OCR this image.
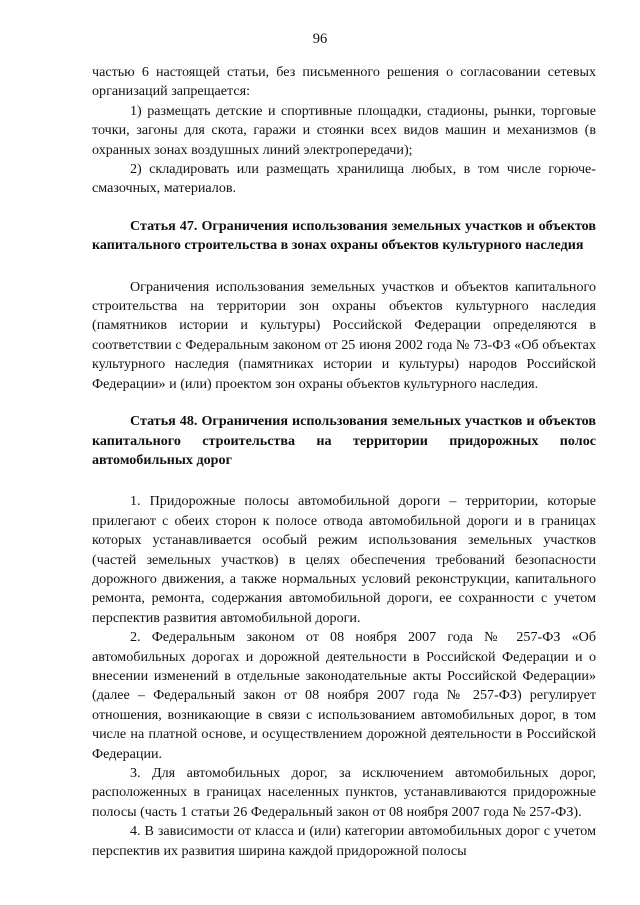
96

частью 6 настоящей статьи, без письменного решения о согласовании сетевых организаций запрещается:

1) размещать детские и спортивные площадки, стадионы, рынки, торговые точки, загоны для скота, гаражи и стоянки всех видов машин и механизмов (в охранных зонах воздушных линий электропередачи);

2) складировать или размещать хранилища любых, в том числе горюче-смазочных, материалов.

Статья 47. Ограничения использования земельных участков и объектов капитального строительства в зонах охраны объектов культурного наследия

Ограничения использования земельных участков и объектов капитального строительства на территории зон охраны объектов культурного наследия (памятников истории и культуры) Российской Федерации определяются в соответствии с Федеральным законом от 25 июня 2002 года № 73-ФЗ «Об объектах культурного наследия (памятниках истории и культуры) народов Российской Федерации» и (или) проектом зон охраны объектов культурного наследия.

Статья 48. Ограничения использования земельных участков и объектов капитального строительства на территории придорожных полос автомобильных дорог

1. Придорожные полосы автомобильной дороги – территории, которые прилегают с обеих сторон к полосе отвода автомобильной дороги и в границах которых устанавливается особый режим использования земельных участков (частей земельных участков) в целях обеспечения требований безопасности дорожного движения, а также нормальных условий реконструкции, капитального ремонта, ремонта, содержания автомобильной дороги, ее сохранности с учетом перспектив развития автомобильной дороги.

2. Федеральным законом от 08 ноября 2007 года № 257-ФЗ «Об автомобильных дорогах и дорожной деятельности в Российской Федерации и о внесении изменений в отдельные законодательные акты Российской Федерации» (далее – Федеральный закон от 08 ноября 2007 года № 257-ФЗ) регулирует отношения, возникающие в связи с использованием автомобильных дорог, в том числе на платной основе, и осуществлением дорожной деятельности в Российской Федерации.

3. Для автомобильных дорог, за исключением автомобильных дорог, расположенных в границах населенных пунктов, устанавливаются придорожные полосы (часть 1 статьи 26 Федеральный закон от 08 ноября 2007 года № 257-ФЗ).

4. В зависимости от класса и (или) категории автомобильных дорог с учетом перспектив их развития ширина каждой придорожной полосы
